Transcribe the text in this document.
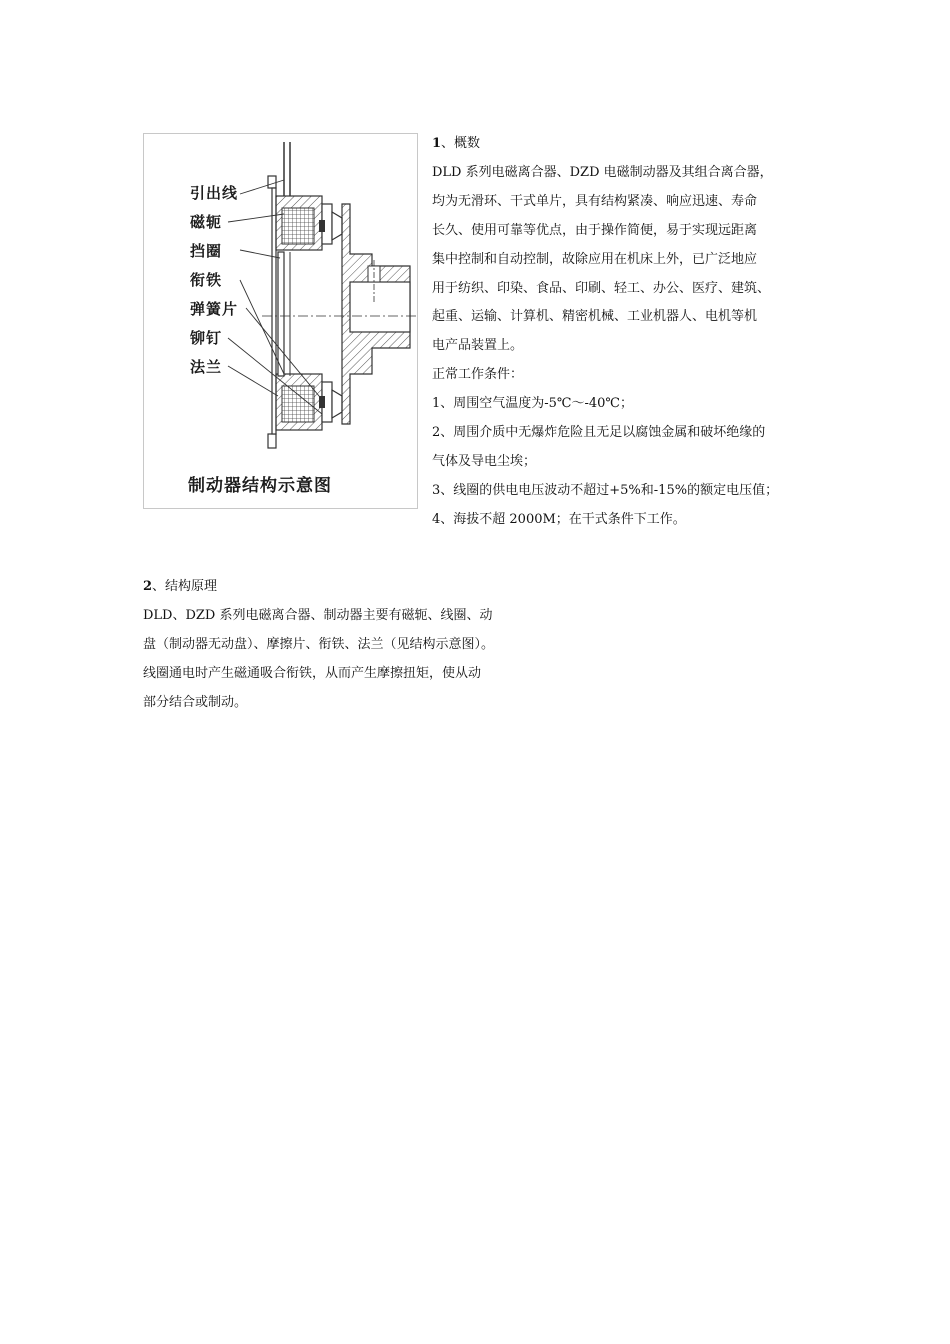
引出线
磁轭
挡圈
衔铁
弹簧片
铆钉
法兰
制动器结构示意图
1、概数
DLD 系列电磁离合器、DZD 电磁制动器及其组合离合器，
均为无滑环、干式单片，具有结构紧凑、响应迅速、寿命
长久、使用可靠等优点，由于操作简便，易于实现远距离
集中控制和自动控制，故除应用在机床上外，已广泛地应
用于纺织、印染、食品、印刷、轻工、办公、医疗、建筑、
起重、运输、计算机、精密机械、工业机器人、电机等机
电产品装置上。
正常工作条件：
1、周围空气温度为-5℃～-40℃；
2、周围介质中无爆炸危险且无足以腐蚀金属和破坏绝缘的
气体及导电尘埃；
3、线圈的供电电压波动不超过+5%和-15%的额定电压值；
4、海拔不超 2000M；在干式条件下工作。
2、结构原理
DLD、DZD 系列电磁离合器、制动器主要有磁轭、线圈、动
盘（制动器无动盘）、摩擦片、衔铁、法兰（见结构示意图）。
线圈通电时产生磁通吸合衔铁，从而产生摩擦扭矩，使从动
部分结合或制动。
